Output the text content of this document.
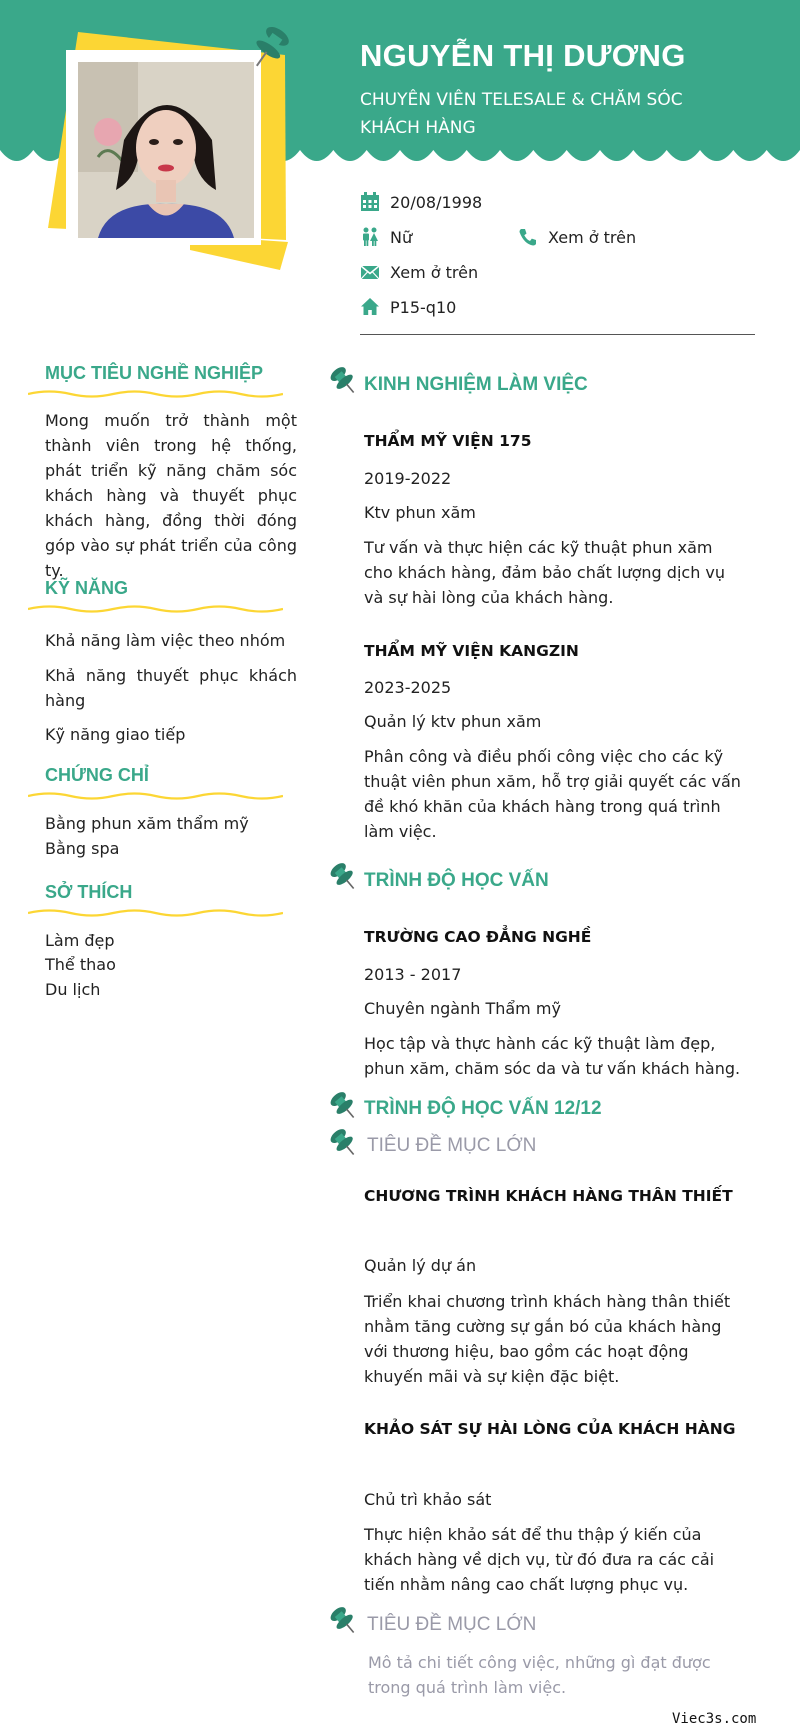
NGUYỄN THỊ DƯƠNG
CHUYÊN VIÊN TELESALE & CHĂM SÓC KHÁCH HÀNG
20/08/1998
Nữ	Xem ở trên
Xem ở trên
P15-q10
MỤC TIÊU NGHỀ NGHIỆP
Mong muốn trở thành một thành viên trong hệ thống, phát triển kỹ năng chăm sóc khách hàng và thuyết phục khách hàng, đồng thời đóng góp vào sự phát triển của công ty.
KỸ NĂNG
Khả năng làm việc theo nhóm
Khả năng thuyết phục khách hàng
Kỹ năng giao tiếp
CHỨNG CHỈ
Bằng phun xăm thẩm mỹ
Bằng spa
SỞ THÍCH
Làm đẹp
Thể thao
Du lịch
KINH NGHIỆM LÀM VIỆC
THẨM MỸ VIỆN 175
2019-2022
Ktv phun xăm
Tư vấn và thực hiện các kỹ thuật phun xăm cho khách hàng, đảm bảo chất lượng dịch vụ và sự hài lòng của khách hàng.
THẨM MỸ VIỆN KANGZIN
2023-2025
Quản lý ktv phun xăm
Phân công và điều phối công việc cho các kỹ thuật viên phun xăm, hỗ trợ giải quyết các vấn đề khó khăn của khách hàng trong quá trình làm việc.
TRÌNH ĐỘ HỌC VẤN
TRƯỜNG CAO ĐẲNG NGHỀ
2013 - 2017
Chuyên ngành Thẩm mỹ
Học tập và thực hành các kỹ thuật làm đẹp, phun xăm, chăm sóc da và tư vấn khách hàng.
TRÌNH ĐỘ HỌC VẤN 12/12
TIÊU ĐỀ MỤC LỚN
CHƯƠNG TRÌNH KHÁCH HÀNG THÂN THIẾT
Quản lý dự án
Triển khai chương trình khách hàng thân thiết nhằm tăng cường sự gắn bó của khách hàng với thương hiệu, bao gồm các hoạt động khuyến mãi và sự kiện đặc biệt.
KHẢO SÁT SỰ HÀI LÒNG CỦA KHÁCH HÀNG
Chủ trì khảo sát
Thực hiện khảo sát để thu thập ý kiến của khách hàng về dịch vụ, từ đó đưa ra các cải tiến nhằm nâng cao chất lượng phục vụ.
TIÊU ĐỀ MỤC LỚN
Mô tả chi tiết công việc, những gì đạt được trong quá trình làm việc.
Viec3s.com
